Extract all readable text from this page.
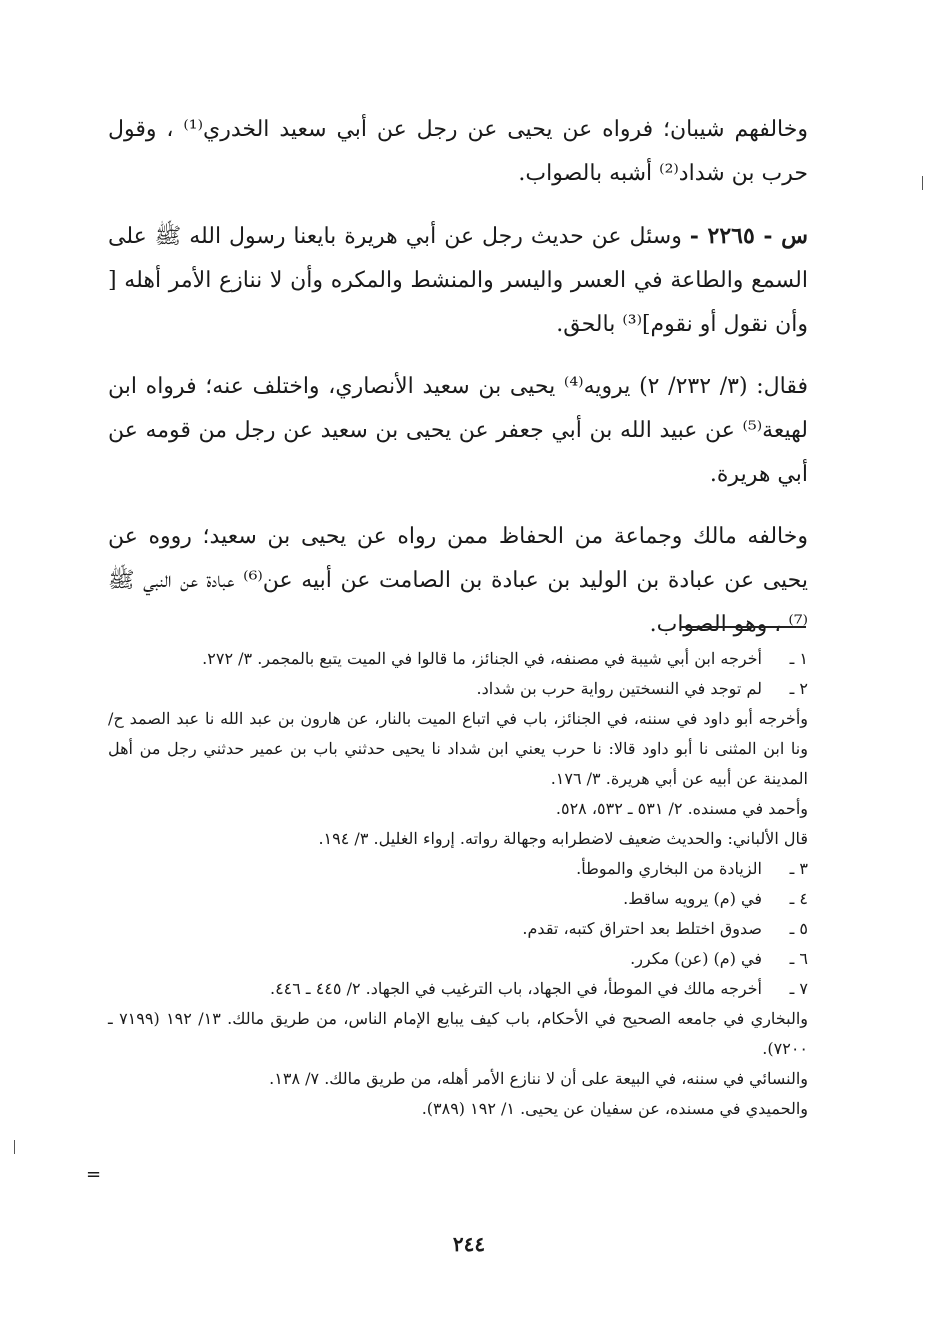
وخالفهم شيبان؛ فرواه عن يحيى عن رجل عن أبي سعيد الخدري⁽¹⁾ ، وقول حرب بن شداد⁽²⁾ أشبه بالصواب.

س - ٢٢٦٥ - وسئل عن حديث رجل عن أبي هريرة بايعنا رسول الله ﷺ على السمع والطاعة في العسر واليسر والمنشط والمكره وأن لا ننازع الأمر أهله [ وأن نقول أو نقوم]⁽³⁾ بالحق.

فقال: (٣/ ٢٣٢/ ٢) يرويه⁽⁴⁾ يحيى بن سعيد الأنصاري، واختلف عنه؛ فرواه ابن لهيعة⁽⁵⁾ عن عبيد الله بن أبي جعفر عن يحيى بن سعيد عن رجل من قومه عن أبي هريرة.

وخالفه مالك وجماعة من الحفاظ ممن رواه عن يحيى بن سعيد؛ رووه عن يحيى عن عبادة بن الوليد بن عبادة بن الصامت عن أبيه عن⁽⁶⁾ عبادة عن النبي ﷺ ⁽⁷⁾ ، وهو الصواب.

١ ـ
أخرجه ابن أبي شيبة في مصنفه، في الجنائز، ما قالوا في الميت يتبع بالمجمر. ٣/ ٢٧٢.
٢ ـ
لم توجد في النسختين رواية حرب بن شداد.
وأخرجه أبو داود في سننه، في الجنائز، باب في اتباع الميت بالنار، عن هارون بن عبد الله نا عبد الصمد ح/ ونا ابن المثنى نا أبو داود قالا: نا حرب يعني ابن شداد نا يحيى حدثني باب بن عمير حدثني رجل من أهل المدينة عن أبيه عن أبي هريرة. ٣/ ١٧٦.
وأحمد في مسنده. ٢/ ٥٣١ ـ ٥٣٢، ٥٢٨.
قال الألباني: والحديث ضعيف لاضطرابه وجهالة رواته. إرواء الغليل. ٣/ ١٩٤.
٣ ـ
الزيادة من البخاري والموطأ.
٤ ـ
في (م) يرويه ساقط.
٥ ـ
صدوق اختلط بعد احتراق كتبه، تقدم.
٦ ـ
في (م) (عن) مكرر.
٧ ـ
أخرجه مالك في الموطأ، في الجهاد، باب الترغيب في الجهاد. ٢/ ٤٤٥ ـ ٤٤٦.
والبخاري في جامعه الصحيح في الأحكام، باب كيف يبايع الإمام الناس، من طريق مالك. ١٣/ ١٩٢ (٧١٩٩ ـ ٧٢٠٠).
والنسائي في سننه، في البيعة على أن لا ننازع الأمر أهله، من طريق مالك. ٧/ ١٣٨.
والحميدي في مسنده، عن سفيان عن يحيى. ١/ ١٩٢ (٣٨٩).
=
٢٤٤
